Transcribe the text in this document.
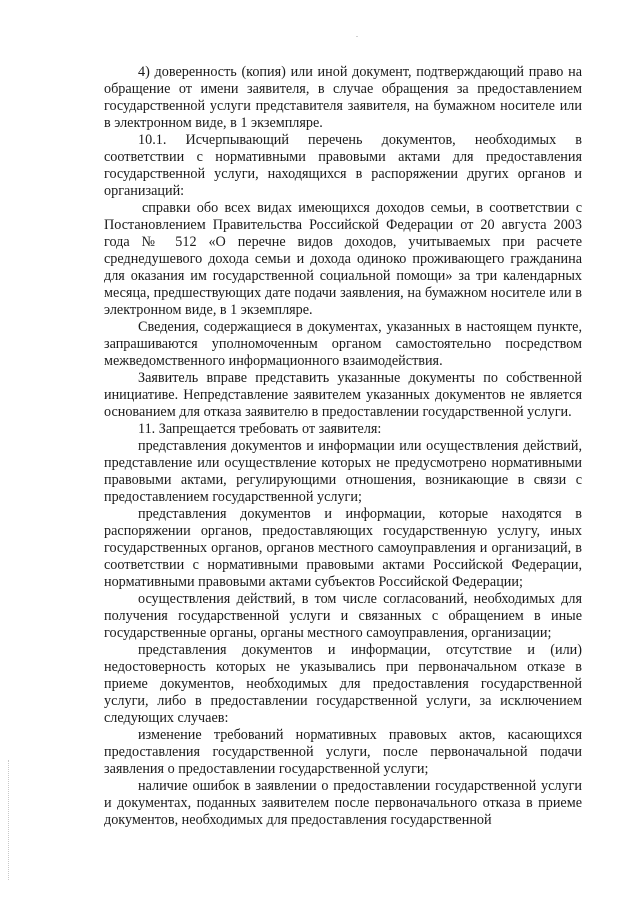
4) доверенность (копия) или иной документ, подтверждающий право на обращение от имени заявителя, в случае обращения за предоставлением государственной услуги представителя заявителя, на бумажном носителе или в электронном виде, в 1 экземпляре.

10.1. Исчерпывающий перечень документов, необходимых в соответствии с нормативными правовыми актами для предоставления государственной услуги, находящихся в распоряжении других органов и организаций:

справки обо всех видах имеющихся доходов семьи, в соответствии с Постановлением Правительства Российской Федерации от 20 августа 2003 года № 512 «О перечне видов доходов, учитываемых при расчете среднедушевого дохода семьи и дохода одиноко проживающего гражданина для оказания им государственной социальной помощи» за три календарных месяца, предшествующих дате подачи заявления, на бумажном носителе или в электронном виде, в 1 экземпляре.

Сведения, содержащиеся в документах, указанных в настоящем пункте, запрашиваются уполномоченным органом самостоятельно посредством межведомственного информационного взаимодействия.

Заявитель вправе представить указанные документы по собственной инициативе. Непредставление заявителем указанных документов не является основанием для отказа заявителю в предоставлении государственной услуги.

11. Запрещается требовать от заявителя:

представления документов и информации или осуществления действий, представление или осуществление которых не предусмотрено нормативными правовыми актами, регулирующими отношения, возникающие в связи с предоставлением государственной услуги;

представления документов и информации, которые находятся в распоряжении органов, предоставляющих государственную услугу, иных государственных органов, органов местного самоуправления и организаций, в соответствии с нормативными правовыми актами Российской Федерации, нормативными правовыми актами субъектов Российской Федерации;

осуществления действий, в том числе согласований, необходимых для получения государственной услуги и связанных с обращением в иные государственные органы, органы местного самоуправления, организации;

представления документов и информации, отсутствие и (или) недостоверность которых не указывались при первоначальном отказе в приеме документов, необходимых для предоставления государственной услуги, либо в предоставлении государственной услуги, за исключением следующих случаев:

изменение требований нормативных правовых актов, касающихся предоставления государственной услуги, после первоначальной подачи заявления о предоставлении государственной услуги;

наличие ошибок в заявлении о предоставлении государственной услуги и документах, поданных заявителем после первоначального отказа в приеме документов, необходимых для предоставления государственной
